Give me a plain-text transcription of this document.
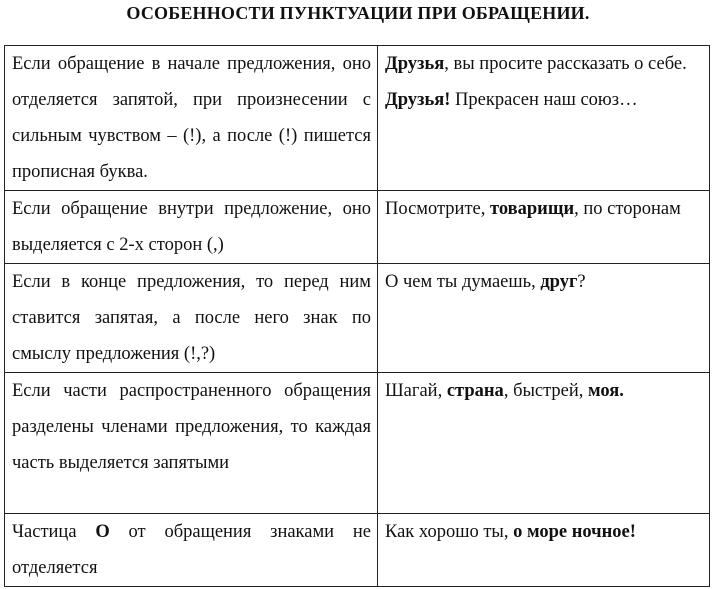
ОСОБЕННОСТИ ПУНКТУАЦИИ ПРИ ОБРАЩЕНИИ.
Если обращение в начале предложения, оно отделяется запятой, при произнесении с сильным чувством – (!), а после (!) пишется прописная буква.	Друзья, вы просите рассказать о себе.
Друзья! Прекрасен наш союз…

Если обращение внутри предложение, оно выделяется с 2-х сторон (,)	Посмотрите, товарищи, по сторонам
Если в конце предложения, то перед ним ставится запятая, а после него знак по смыслу предложения (!,?)	О чем ты думаешь, друг?
Если части распространенного обращения разделены членами предложения, то каждая часть выделяется запятыми	Шагай, страна, быстрей, моя.
Частица О от обращения знаками не отделяется	Как хорошо ты, о море ночное!
